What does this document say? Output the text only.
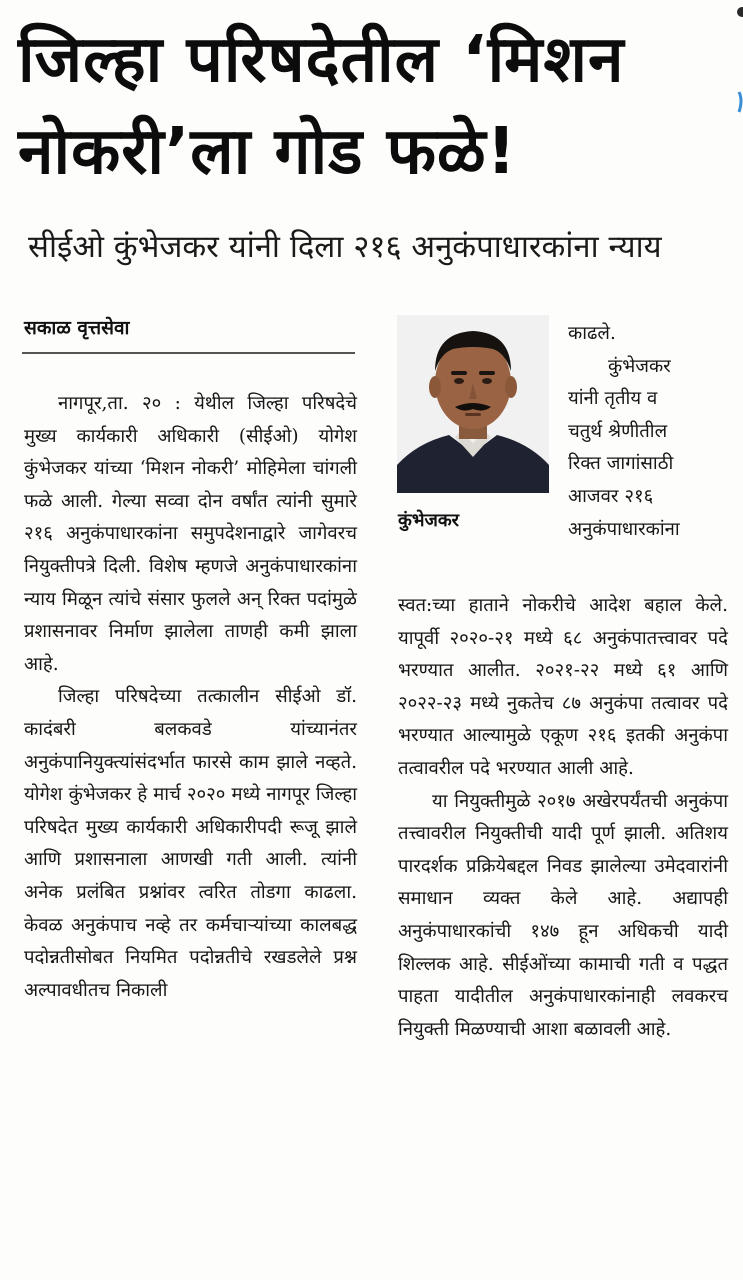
जिल्हा परिषदेतील ‘मिशन नोकरी’ला गोड फळे!
सीईओ कुंभेजकर यांनी दिला २१६ अनुकंपाधारकांना न्याय
सकाळ वृत्तसेवा

नागपूर,ता. २० : येथील जिल्हा परिषदेचे मुख्य कार्यकारी अधिकारी (सीईओ) योगेश कुंभेजकर यांच्या ‘मिशन नोकरी’ मोहिमेला चांगली फळे आली. गेल्या सव्वा दोन वर्षांत त्यांनी सुमारे २१६ अनुकंपाधारकांना समुपदेशनाद्वारे जागेवरच नियुक्तीपत्रे दिली. विशेष म्हणजे अनुकंपाधारकांना न्याय मिळून त्यांचे संसार फुलले अन् रिक्त पदांमुळे प्रशासनावर निर्माण झालेला ताणही कमी झाला आहे.

जिल्हा परिषदेच्या तत्कालीन सीईओ डॉ. कादंबरी बलकवडे यांच्यानंतर अनुकंपानियुक्त्यांसंदर्भात फारसे काम झाले नव्हते. योगेश कुंभेजकर हे मार्च २०२० मध्ये नागपूर जिल्हा परिषदेत मुख्य कार्यकारी अधिकारीपदी रूजू झाले आणि प्रशासनाला आणखी गती आली. त्यांनी अनेक प्रलंबित प्रश्नांवर त्वरित तोडगा काढला. केवळ अनुकंपाच नव्हे तर कर्मचाऱ्यांच्या कालबद्ध पदोन्नतीसोबत नियमित पदोन्नतीचे रखडलेले प्रश्न अल्पावधीतच निकाली

कुंभेजकर
काढले.
कुंभेजकर
यांनी तृतीय व
चतुर्थ श्रेणीतील
रिक्त जागांसाठी
आजवर २१६
अनुकंपाधारकांना

स्वत:च्या हाताने नोकरीचे आदेश बहाल केले. यापूर्वी २०२०-२१ मध्ये ६८ अनुकंपातत्त्वावर पदे भरण्यात आलीत. २०२१-२२ मध्ये ६१ आणि २०२२-२३ मध्ये नुकतेच ८७ अनुकंपा तत्वावर पदे भरण्यात आल्यामुळे एकूण २१६ इतकी अनुकंपा तत्वावरील पदे भरण्यात आली आहे.

या नियुक्तीमुळे २०१७ अखेरपर्यंतची अनुकंपा तत्त्वावरील नियुक्तीची यादी पूर्ण झाली. अतिशय पारदर्शक प्रक्रियेबद्दल निवड झालेल्या उमेदवारांनी समाधान व्यक्त केले आहे. अद्यापही अनुकंपाधारकांची १४७ हून अधिकची यादी शिल्लक आहे. सीईओंच्या कामाची गती व पद्धत पाहता यादीतील अनुकंपाधारकांनाही लवकरच नियुक्ती मिळण्याची आशा बळावली आहे.
